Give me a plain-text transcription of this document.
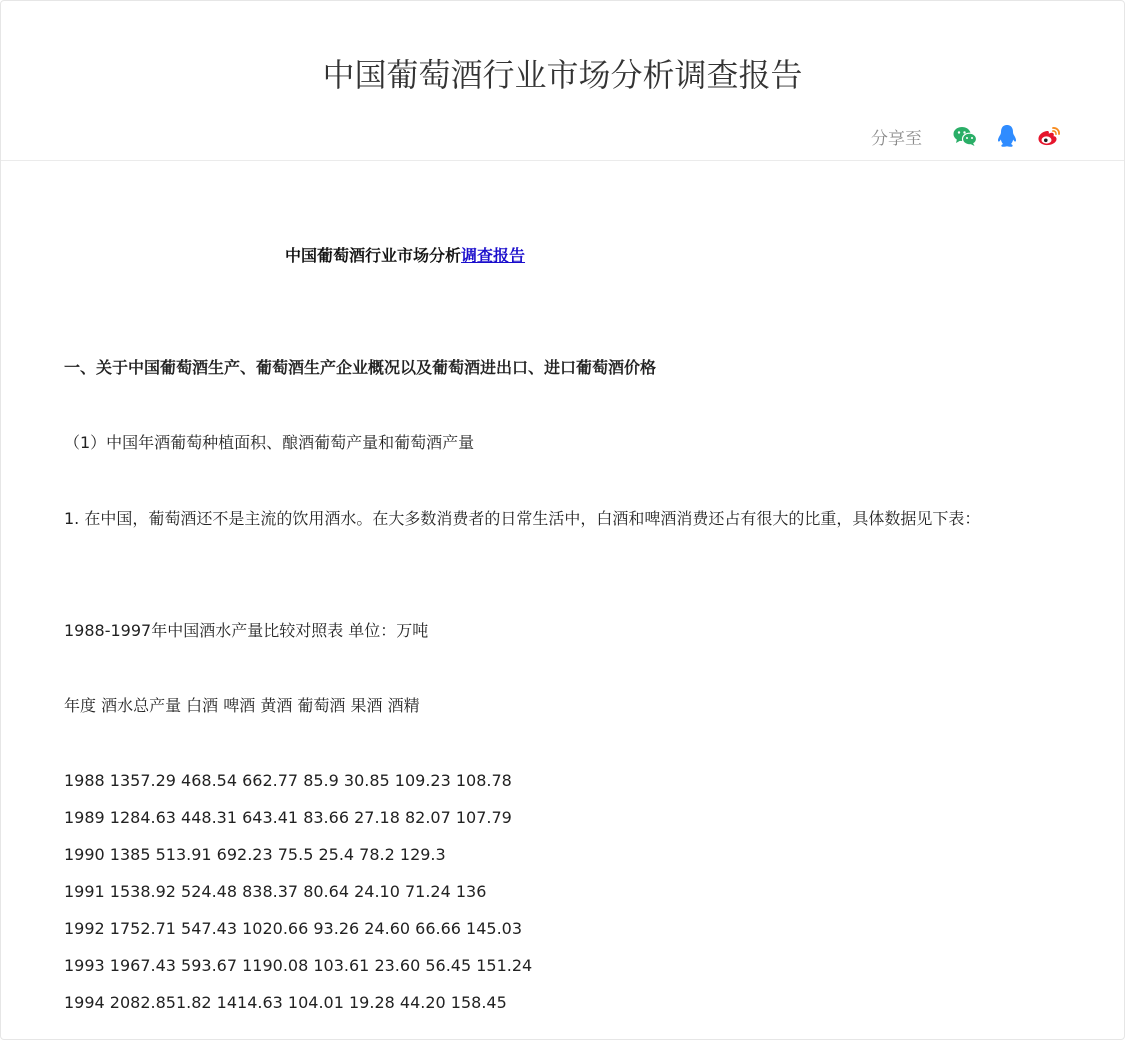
中国葡萄酒行业市场分析调查报告
分享至
中国葡萄酒行业市场分析调查报告
一、关于中国葡萄酒生产、葡萄酒生产企业概况以及葡萄酒进出口、进口葡萄酒价格
（1）中国年酒葡萄种植面积、酿酒葡萄产量和葡萄酒产量
1. 在中国，葡萄酒还不是主流的饮用酒水。在大多数消费者的日常生活中，白酒和啤酒消费还占有很大的比重，具体数据见下表：
1988-1997年中国酒水产量比较对照表 单位：万吨
年度 酒水总产量 白酒 啤酒 黄酒 葡萄酒 果酒 酒精
1988 1357.29 468.54 662.77 85.9 30.85 109.23 108.78
1989 1284.63 448.31 643.41 83.66 27.18 82.07 107.79
1990 1385 513.91 692.23 75.5 25.4 78.2 129.3
1991 1538.92 524.48 838.37 80.64 24.10 71.24 136
1992 1752.71 547.43 1020.66 93.26 24.60 66.66 145.03
1993 1967.43 593.67 1190.08 103.61 23.60 56.45 151.24
1994 2082.851.82 1414.63 104.01 19.28 44.20 158.45
